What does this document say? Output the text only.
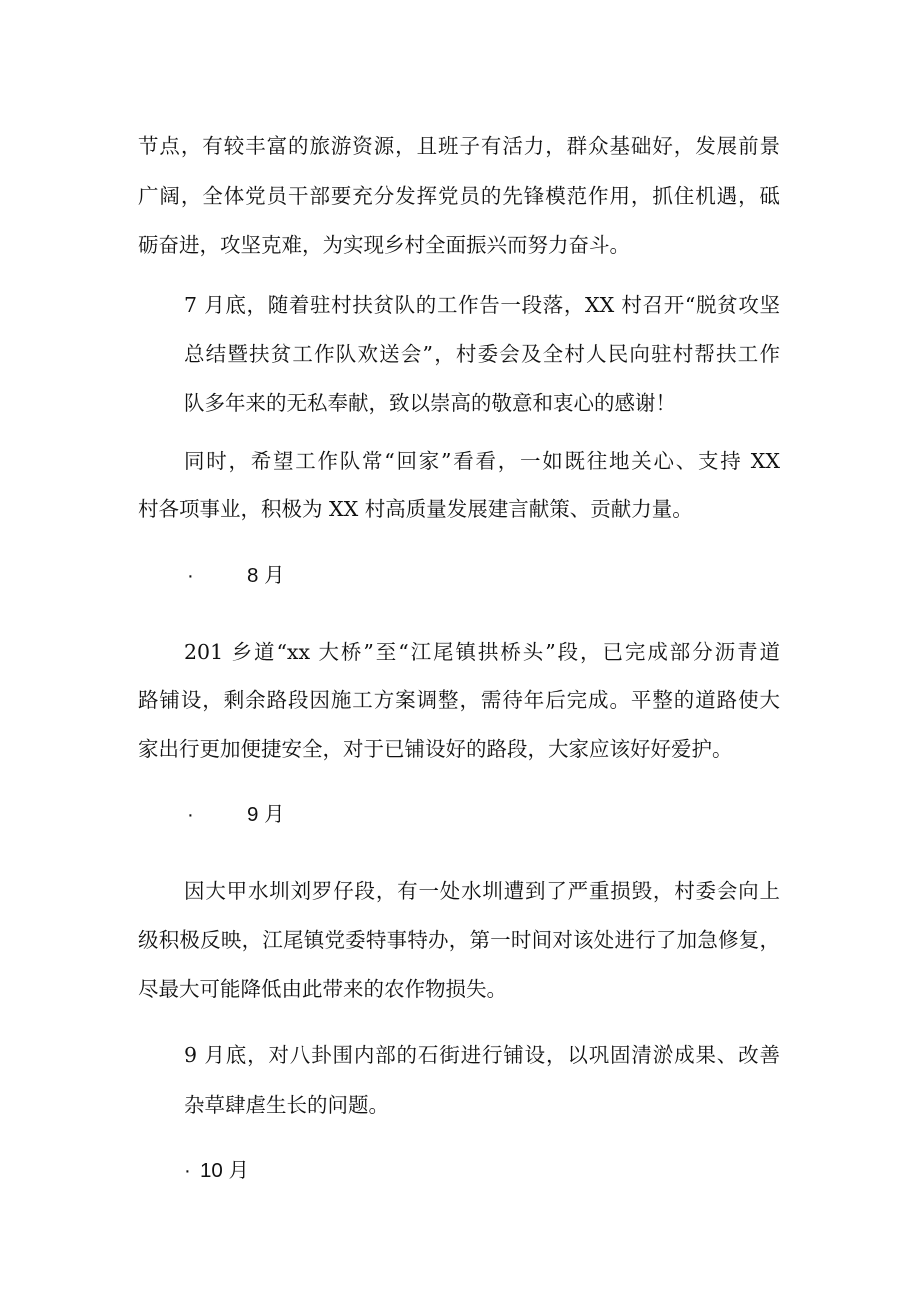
节点，有较丰富的旅游资源，且班子有活力，群众基础好，发展前景

广阔，全体党员干部要充分发挥党员的先锋模范作用，抓住机遇，砥

砺奋进，攻坚克难，为实现乡村全面振兴而努力奋斗。

7 月底，随着驻村扶贫队的工作告一段落，XX 村召开“脱贫攻坚

总结暨扶贫工作队欢送会”，村委会及全村人民向驻村帮扶工作

队多年来的无私奉献，致以崇高的敬意和衷心的感谢！

同时，希望工作队常“回家”看看，一如既往地关心、支持 XX

村各项事业，积极为 XX 村高质量发展建言献策、贡献力量。

·	8 月

201 乡道“xx 大桥”至“江尾镇拱桥头”段，已完成部分沥青道

路铺设，剩余路段因施工方案调整，需待年后完成。平整的道路使大

家出行更加便捷安全，对于已铺设好的路段，大家应该好好爱护。

·	9 月

因大甲水圳刘罗仔段，有一处水圳遭到了严重损毁，村委会向上

级积极反映，江尾镇党委特事特办，第一时间对该处进行了加急修复，

尽最大可能降低由此带来的农作物损失。

9 月底，对八卦围内部的石街进行铺设，以巩固清淤成果、改善

杂草肆虐生长的问题。

· 10 月
